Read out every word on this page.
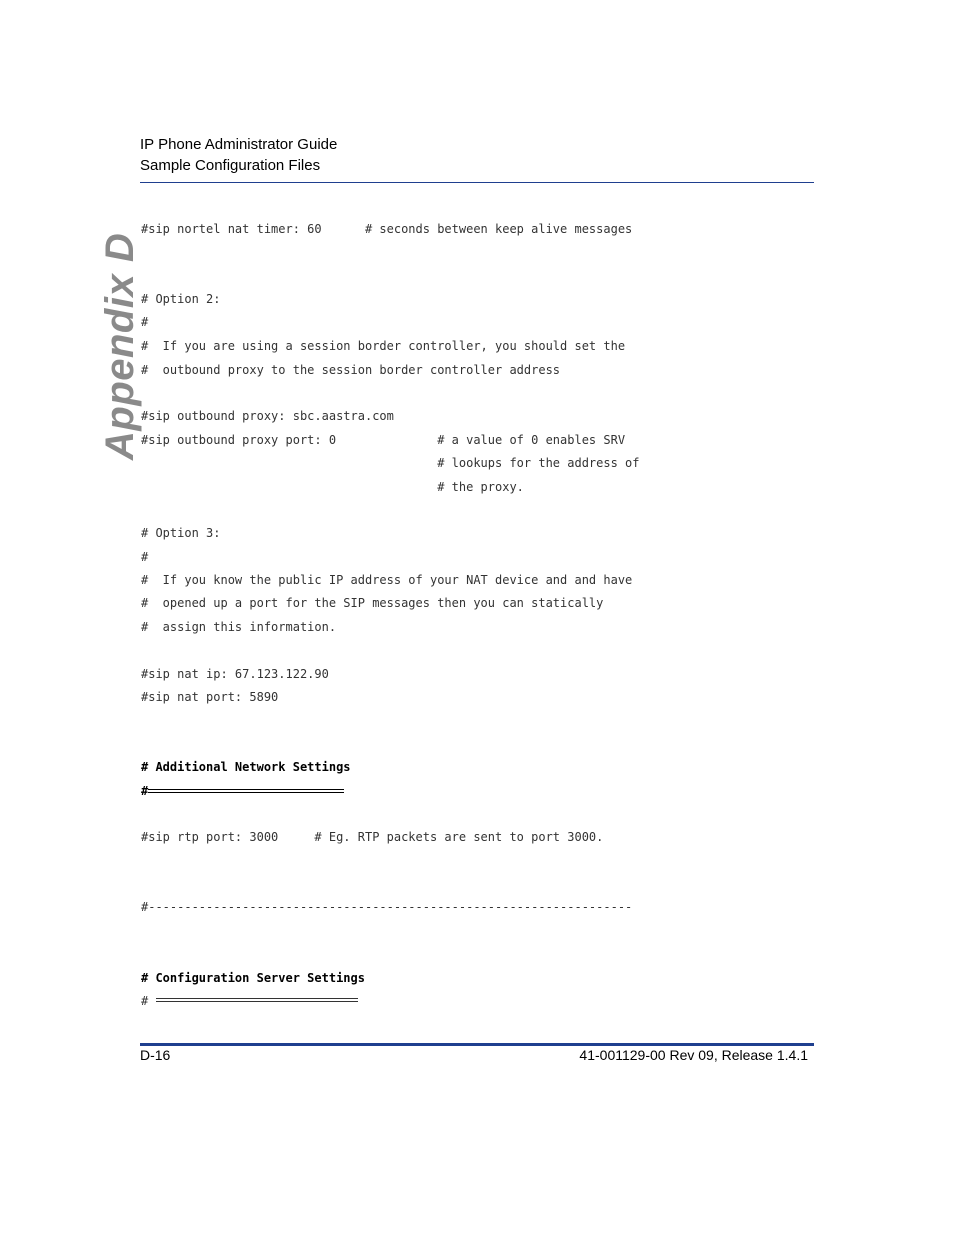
IP Phone Administrator Guide
Sample Configuration Files
Appendix D
#sip nortel nat timer: 60      # seconds between keep alive messages
# Option 2:
#
#  If you are using a session border controller, you should set the
#  outbound proxy to the session border controller address
#sip outbound proxy: sbc.aastra.com
#sip outbound proxy port: 0              # a value of 0 enables SRV
# lookups for the address of
# the proxy.
# Option 3:
#
#  If you know the public IP address of your NAT device and and have
#  opened up a port for the SIP messages then you can statically
#  assign this information.
#sip nat ip: 67.123.122.90
#sip nat port: 5890
# Additional Network Settings
#
#sip rtp port: 3000     # Eg. RTP packets are sent to port 3000.
#-------------------------------------------------------------------
# Configuration Server Settings
#
D-16	41-001129-00 Rev 09, Release 1.4.1
